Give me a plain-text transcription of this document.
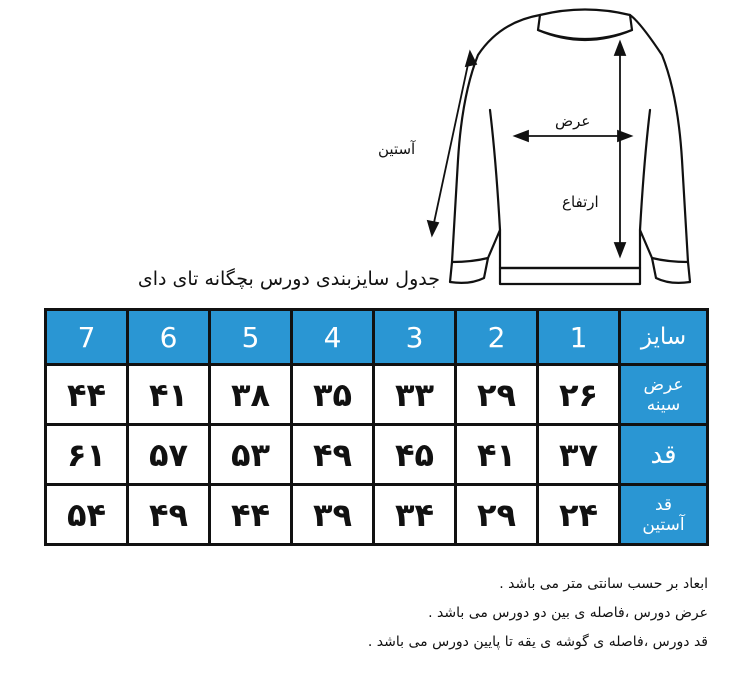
آستین
عرض
ارتفاع
جدول سایزبندی دورس بچگانه تای دای
7	6	5	4	3	2	1	سایز
۴۴	۴۱	۳۸	۳۵	۳۳	۲۹	۲۶	عرض
سینه

۶۱	۵۷	۵۳	۴۹	۴۵	۴۱	۳۷	قد

۵۴	۴۹	۴۴	۳۹	۳۴	۲۹	۲۴	قد
آستین
ابعاد بر حسب سانتی متر می باشد .
عرض دورس ،فاصله ی بین دو دورس می باشد .
قد دورس ،فاصله ی گوشه ی یقه تا پایین دورس می باشد .
